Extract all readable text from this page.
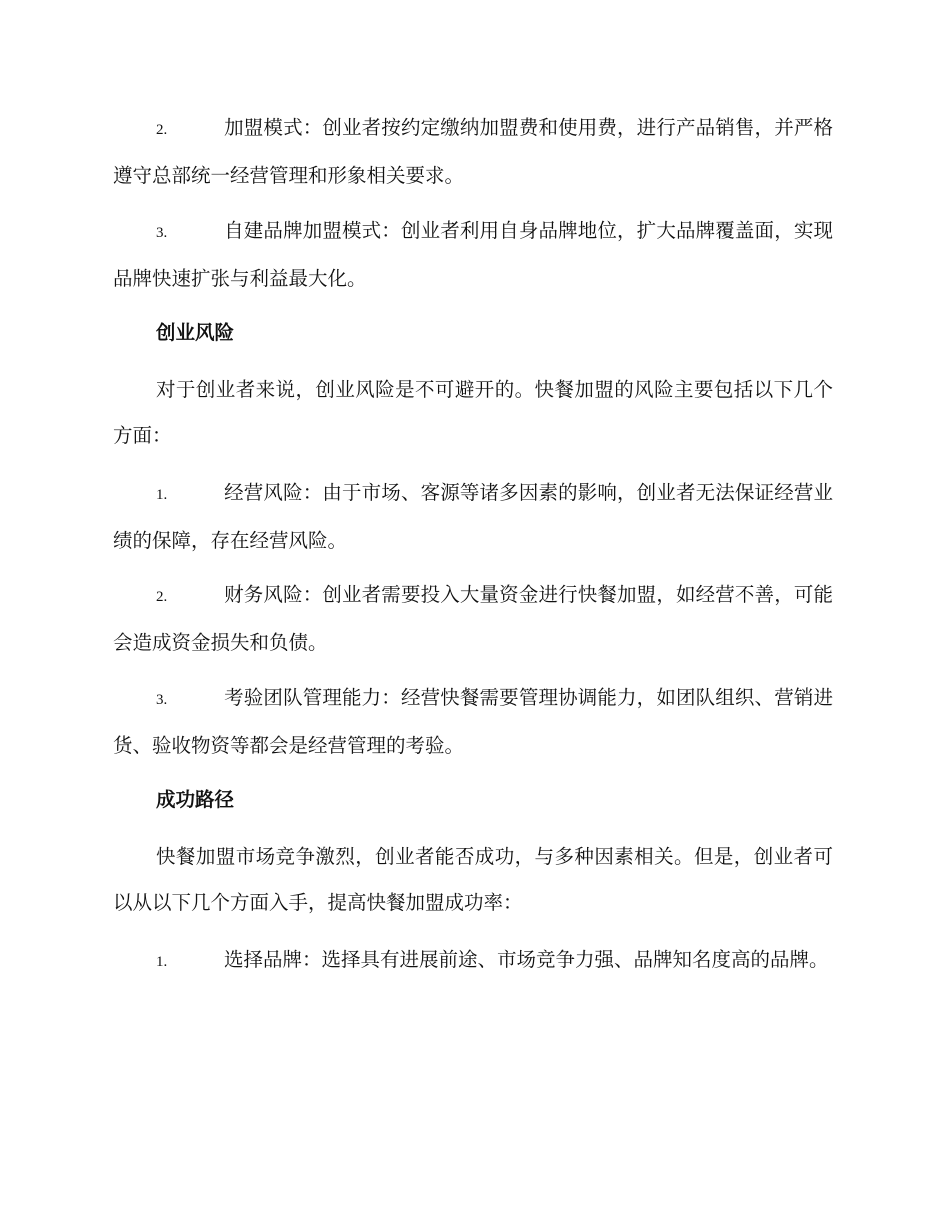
2.	加盟模式：创业者按约定缴纳加盟费和使用费，进行产品销售，并严格遵守总部统一经营管理和形象相关要求。

3.	自建品牌加盟模式：创业者利用自身品牌地位，扩大品牌覆盖面，实现品牌快速扩张与利益最大化。

创业风险

对于创业者来说，创业风险是不可避开的。快餐加盟的风险主要包括以下几个方面：

1.	经营风险：由于市场、客源等诸多因素的影响，创业者无法保证经营业绩的保障，存在经营风险。

2.	财务风险：创业者需要投入大量资金进行快餐加盟，如经营不善，可能会造成资金损失和负债。

3.	考验团队管理能力：经营快餐需要管理协调能力，如团队组织、营销进货、验收物资等都会是经营管理的考验。

成功路径

快餐加盟市场竞争激烈，创业者能否成功，与多种因素相关。但是，创业者可以从以下几个方面入手，提高快餐加盟成功率：

1.	选择品牌：选择具有进展前途、市场竞争力强、品牌知名度高的品牌。
